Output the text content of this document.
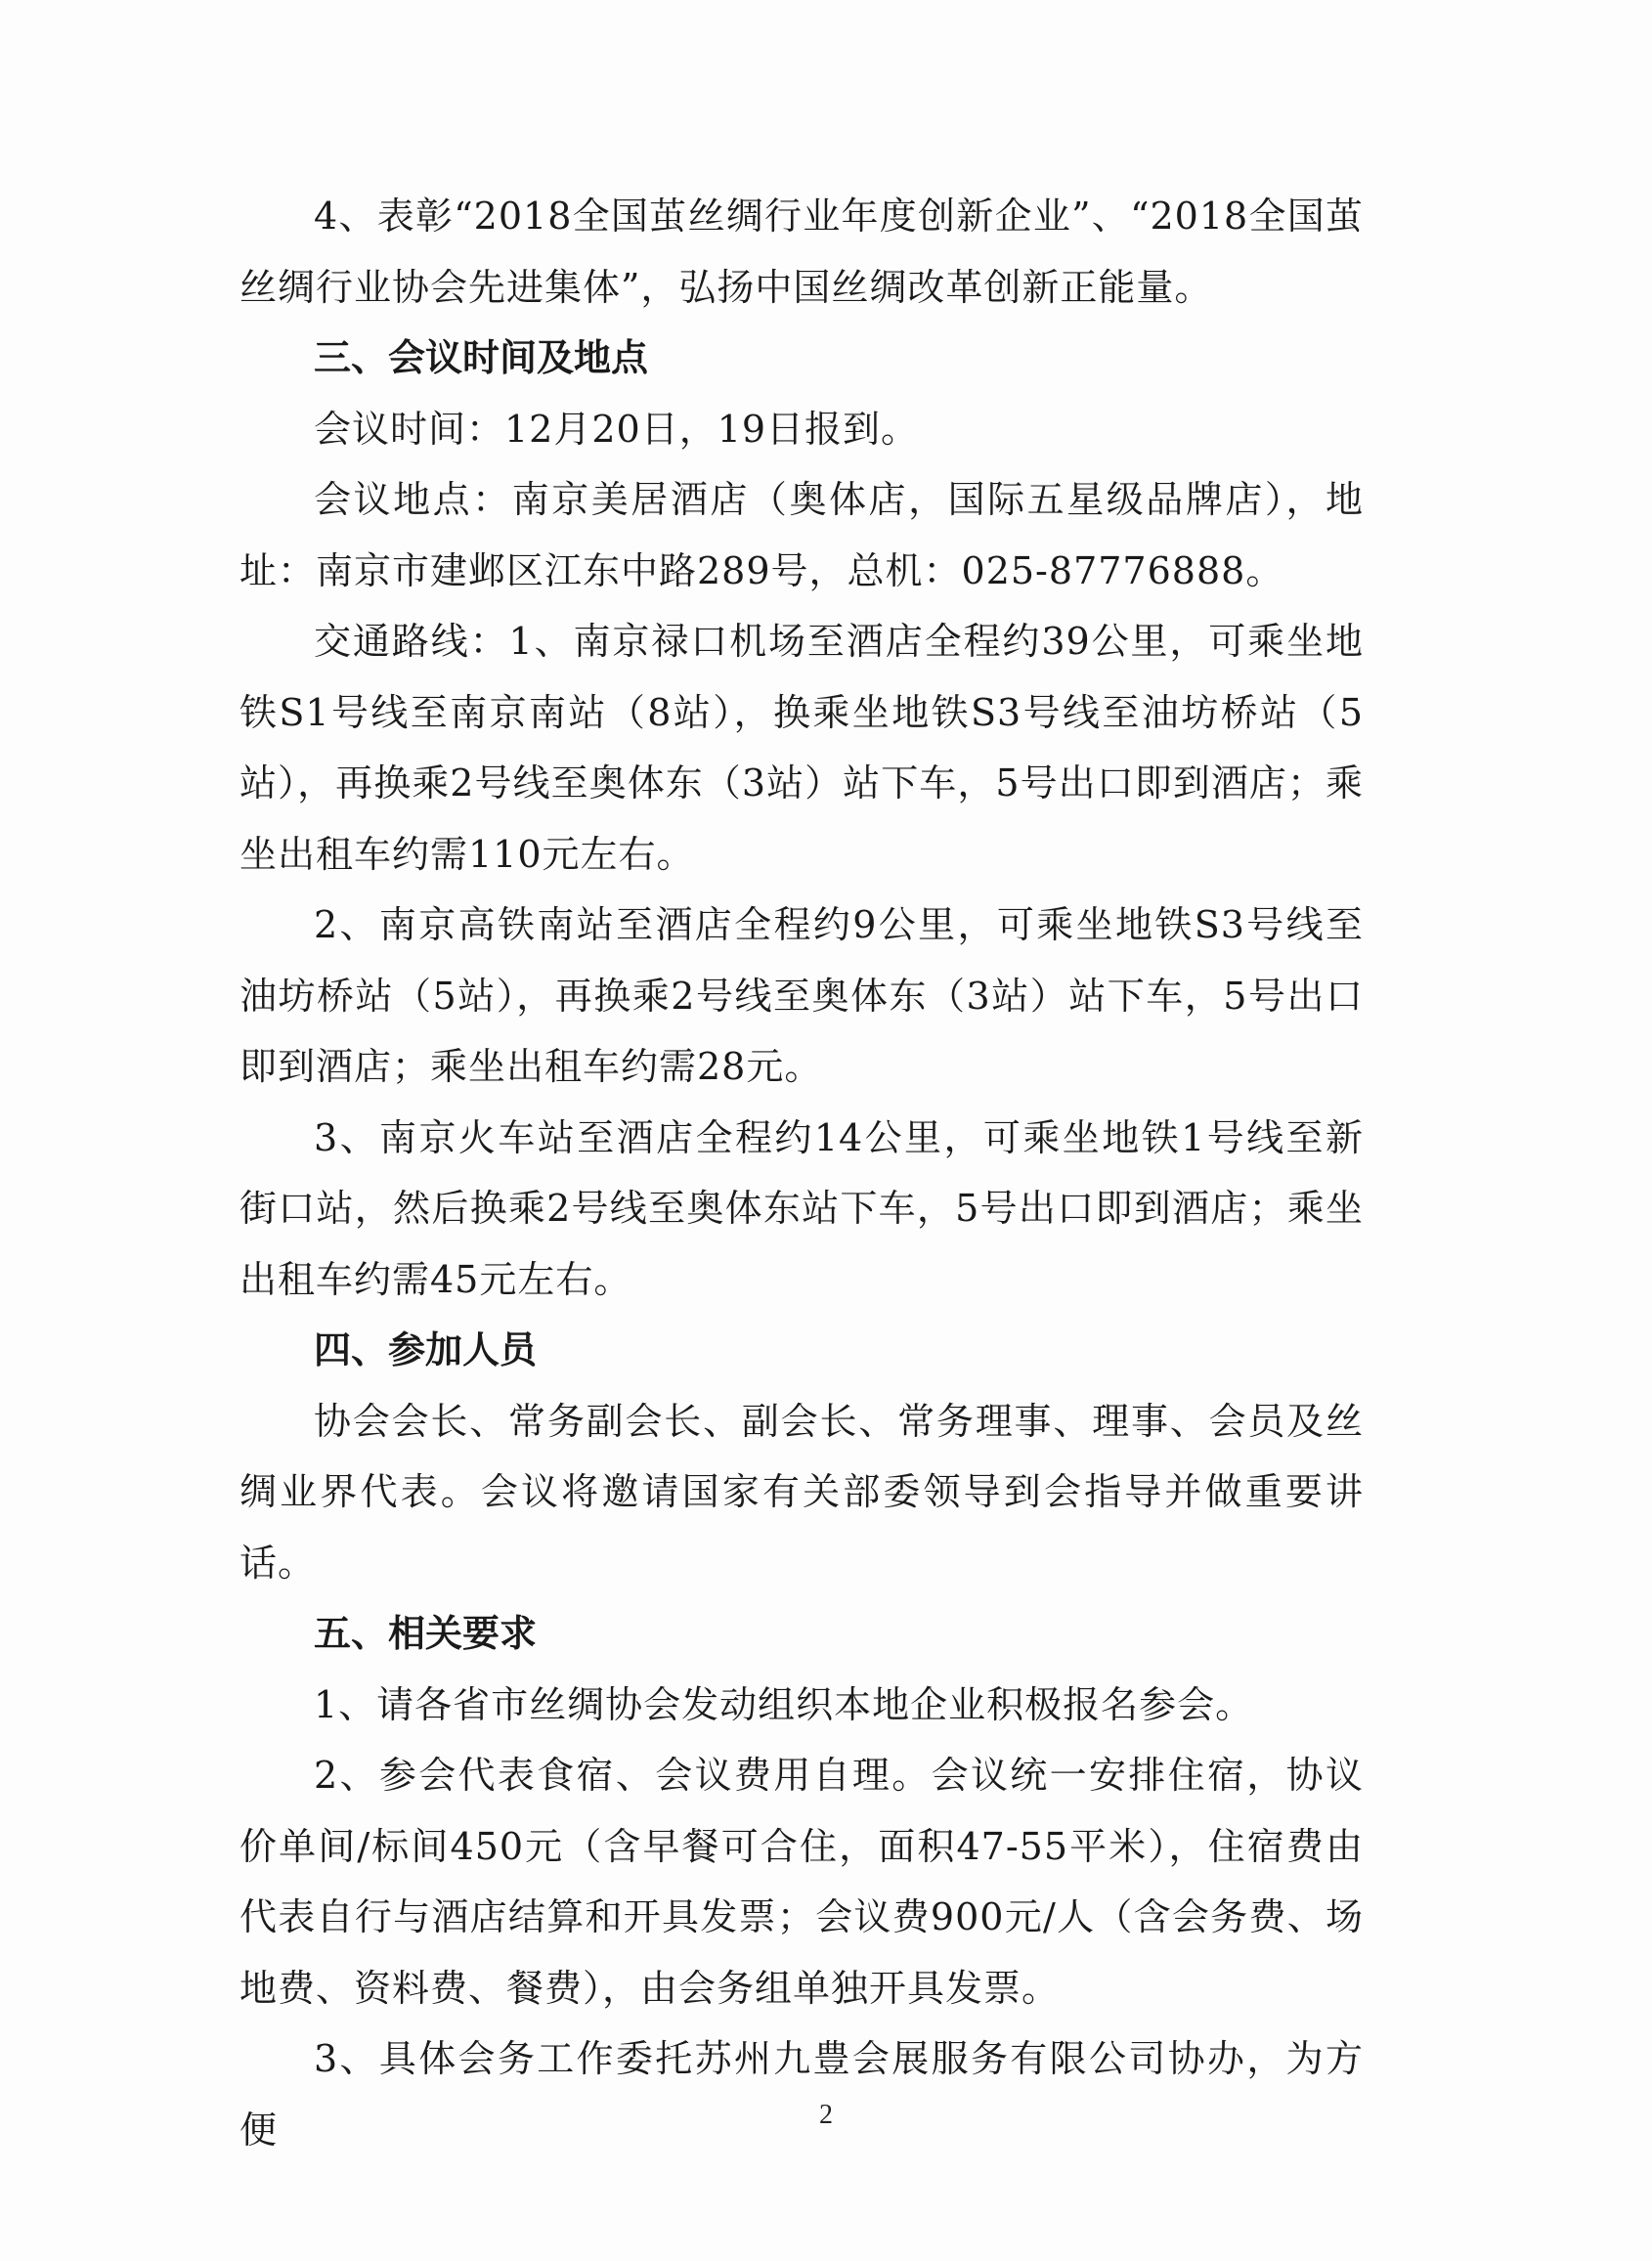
4、表彰“2018全国茧丝绸行业年度创新企业”、“2018全国茧丝绸行业协会先进集体”，弘扬中国丝绸改革创新正能量。

三、会议时间及地点

会议时间：12月20日，19日报到。

会议地点：南京美居酒店（奥体店，国际五星级品牌店），地址：南京市建邺区江东中路289号，总机：025-87776888。

交通路线：1、南京禄口机场至酒店全程约39公里，可乘坐地铁S1号线至南京南站（8站），换乘坐地铁S3号线至油坊桥站（5站），再换乘2号线至奥体东（3站）站下车，5号出口即到酒店；乘坐出租车约需110元左右。

2、南京高铁南站至酒店全程约9公里，可乘坐地铁S3号线至油坊桥站（5站），再换乘2号线至奥体东（3站）站下车，5号出口即到酒店；乘坐出租车约需28元。

3、南京火车站至酒店全程约14公里，可乘坐地铁1号线至新街口站，然后换乘2号线至奥体东站下车，5号出口即到酒店；乘坐出租车约需45元左右。

四、参加人员

协会会长、常务副会长、副会长、常务理事、理事、会员及丝绸业界代表。会议将邀请国家有关部委领导到会指导并做重要讲话。

五、相关要求

1、请各省市丝绸协会发动组织本地企业积极报名参会。

2、参会代表食宿、会议费用自理。会议统一安排住宿，协议价单间/标间450元（含早餐可合住，面积47-55平米），住宿费由代表自行与酒店结算和开具发票；会议费900元/人（含会务费、场地费、资料费、餐费），由会务组单独开具发票。

3、具体会务工作委托苏州九豊会展服务有限公司协办，为方便	2
